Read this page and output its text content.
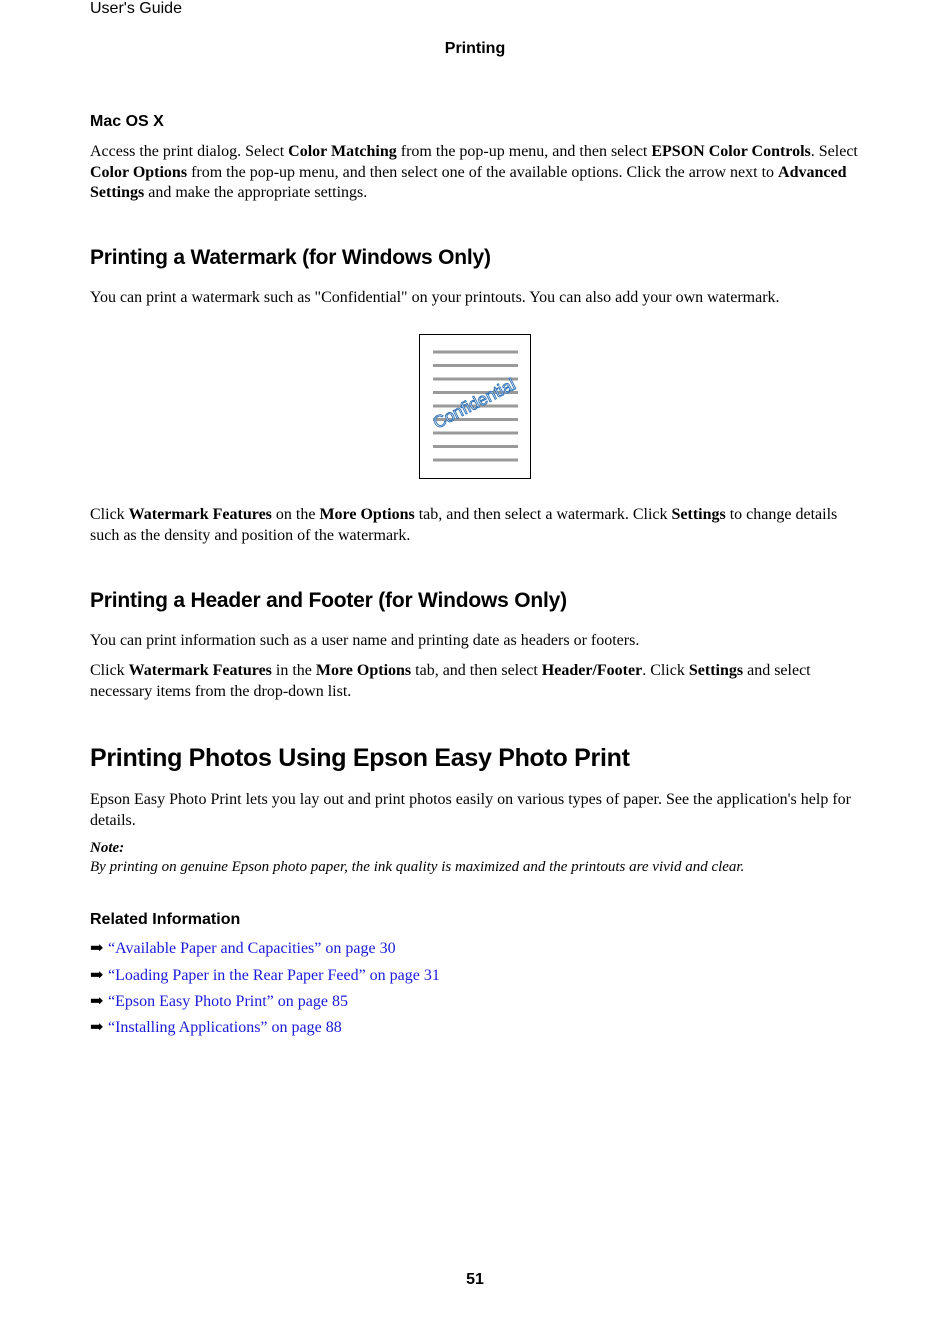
User's Guide
Printing
Mac OS X

Access the print dialog. Select Color Matching from the pop-up menu, and then select EPSON Color Controls. Select Color Options from the pop-up menu, and then select one of the available options. Click the arrow next to Advanced Settings and make the appropriate settings.

Printing a Watermark (for Windows Only)

You can print a watermark such as "Confidential" on your printouts. You can also add your own watermark.

Confidential

Click Watermark Features on the More Options tab, and then select a watermark. Click Settings to change details such as the density and position of the watermark.

Printing a Header and Footer (for Windows Only)

You can print information such as a user name and printing date as headers or footers.

Click Watermark Features in the More Options tab, and then select Header/Footer. Click Settings and select necessary items from the drop-down list.

Printing Photos Using Epson Easy Photo Print

Epson Easy Photo Print lets you lay out and print photos easily on various types of paper. See the application's help for details.

Note:
By printing on genuine Epson photo paper, the ink quality is maximized and the printouts are vivid and clear.
Related Information
➡ “Available Paper and Capacities” on page 30
➡ “Loading Paper in the Rear Paper Feed” on page 31
➡ “Epson Easy Photo Print” on page 85
➡ “Installing Applications” on page 88
51
